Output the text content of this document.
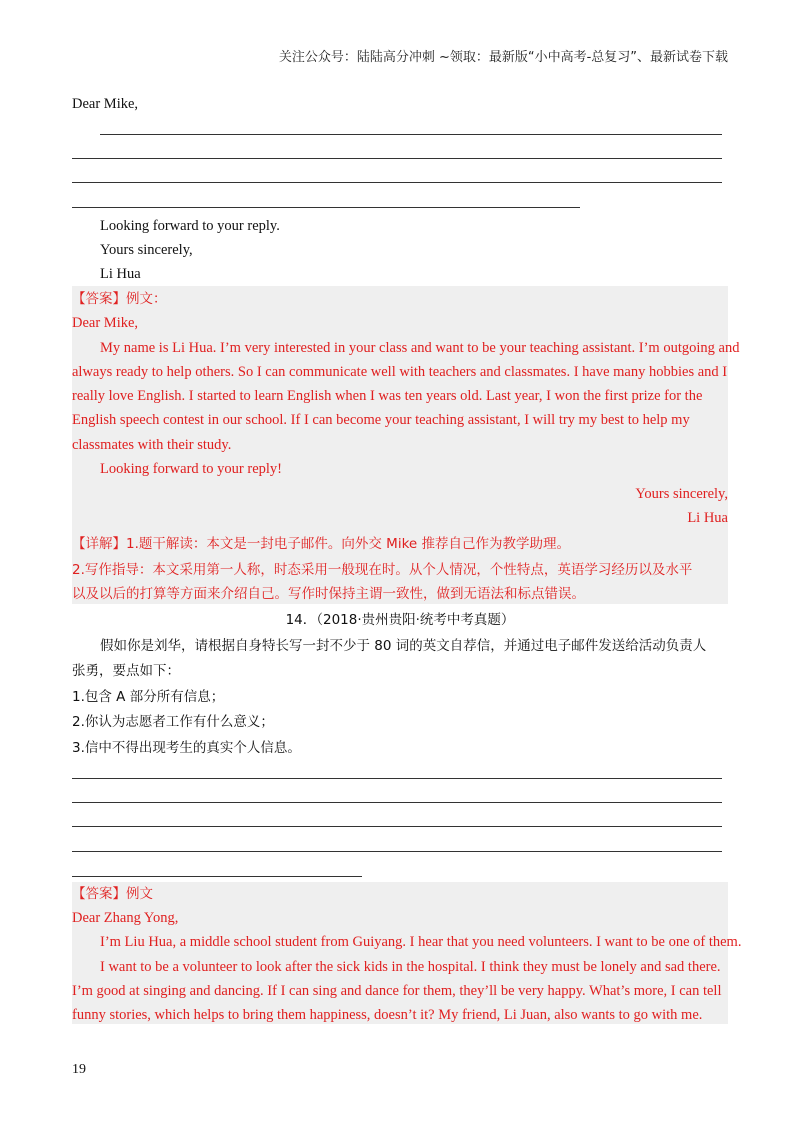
关注公众号：陆陆高分冲刺 ~领取：最新版“小中高考-总复习”、最新试卷下载
Dear Mike,
Looking forward to your reply.
Yours sincerely,
Li Hua
【答案】例文：
Dear Mike,
My name is Li Hua. I’m very interested in your class and want to be your teaching assistant. I’m outgoing and
always ready to help others. So I can communicate well with teachers and classmates. I have many hobbies and I
really love English. I started to learn English when I was ten years old. Last year, I won the first prize for the
English speech contest in our school. If I can become your teaching assistant, I will try my best to help my
classmates with their study.
Looking forward to your reply!
Yours sincerely,
Li Hua
【详解】1.题干解读：本文是一封电子邮件。向外交 Mike 推荐自己作为教学助理。
2.写作指导：本文采用第一人称，时态采用一般现在时。从个人情况，个性特点，英语学习经历以及水平
以及以后的打算等方面来介绍自己。写作时保持主谓一致性，做到无语法和标点错误。
14．（2018·贵州贵阳·统考中考真题）
假如你是刘华，请根据自身特长写一封不少于 80 词的英文自荐信，并通过电子邮件发送给活动负责人
张勇，要点如下：
1.包含 A 部分所有信息；
2.你认为志愿者工作有什么意义；
3.信中不得出现考生的真实个人信息。
【答案】例文
Dear Zhang Yong,
I’m Liu Hua, a middle school student from Guiyang. I hear that you need volunteers. I want to be one of them.
I want to be a volunteer to look after the sick kids in the hospital. I think they must be lonely and sad there.
I’m good at singing and dancing. If I can sing and dance for them, they’ll be very happy. What’s more, I can tell
funny stories, which helps to bring them happiness, doesn’t it? My friend, Li Juan, also wants to go with me.
19
